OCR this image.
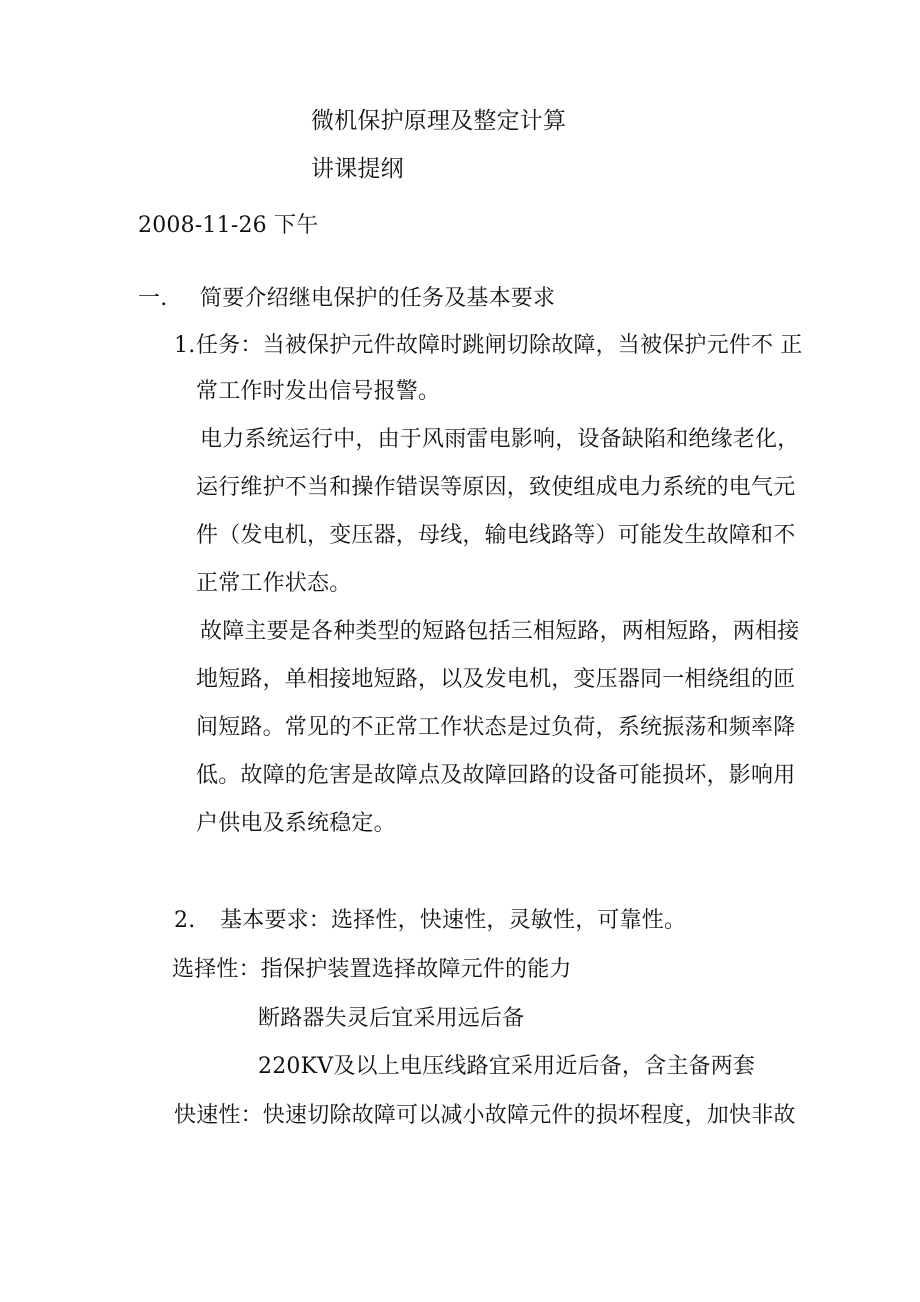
微机保护原理及整定计算
讲课提纲
2008-11-26 下午
一. 简要介绍继电保护的任务及基本要求
1. 任务：当被保护元件故障时跳闸切除故障，当被保护元件不 正
常工作时发出信号报警。
电力系统运行中，由于风雨雷电影响，设备缺陷和绝缘老化，
运行维护不当和操作错误等原因，致使组成电力系统的电气元
件（发电机，变压器，母线，输电线路等）可能发生故障和不
正常工作状态。
故障主要是各种类型的短路包括三相短路，两相短路，两相接
地短路，单相接地短路，以及发电机，变压器同一相绕组的匝
间短路。常见的不正常工作状态是过负荷，系统振荡和频率降
低。故障的危害是故障点及故障回路的设备可能损坏，影响用
户供电及系统稳定。
2. 基本要求：选择性，快速性，灵敏性，可靠性。
选择性：指保护装置选择故障元件的能力
断路器失灵后宜采用远后备
220KV及以上电压线路宜采用近后备，含主备两套
快速性：快速切除故障可以减小故障元件的损坏程度，加快非故
